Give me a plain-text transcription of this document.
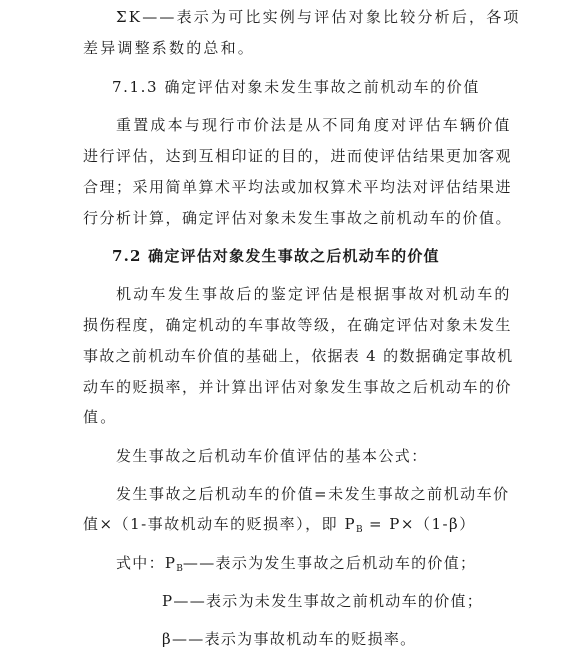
ΣK——表示为可比实例与评估对象比较分析后，各项
差异调整系数的总和。
7.1.3 确定评估对象未发生事故之前机动车的价值
重置成本与现行市价法是从不同角度对评估车辆价值
进行评估，达到互相印证的目的，进而使评估结果更加客观
合理；采用简单算术平均法或加权算术平均法对评估结果进
行分析计算，确定评估对象未发生事故之前机动车的价值。
7.2 确定评估对象发生事故之后机动车的价值
机动车发生事故后的鉴定评估是根据事故对机动车的
损伤程度，确定机动的车事故等级，在确定评估对象未发生
事故之前机动车价值的基础上，依据表 4 的数据确定事故机
动车的贬损率，并计算出评估对象发生事故之后机动车的价
值。
发生事故之后机动车价值评估的基本公式：
发生事故之后机动车的价值=未发生事故之前机动车价
值×（1-事故机动车的贬损率），即 $P_B = P\times(1-\beta)$
式中：$P_B——$表示为发生事故之后机动车的价值；
P——表示为未发生事故之前机动车的价值；
β——表示为事故机动车的贬损率。
